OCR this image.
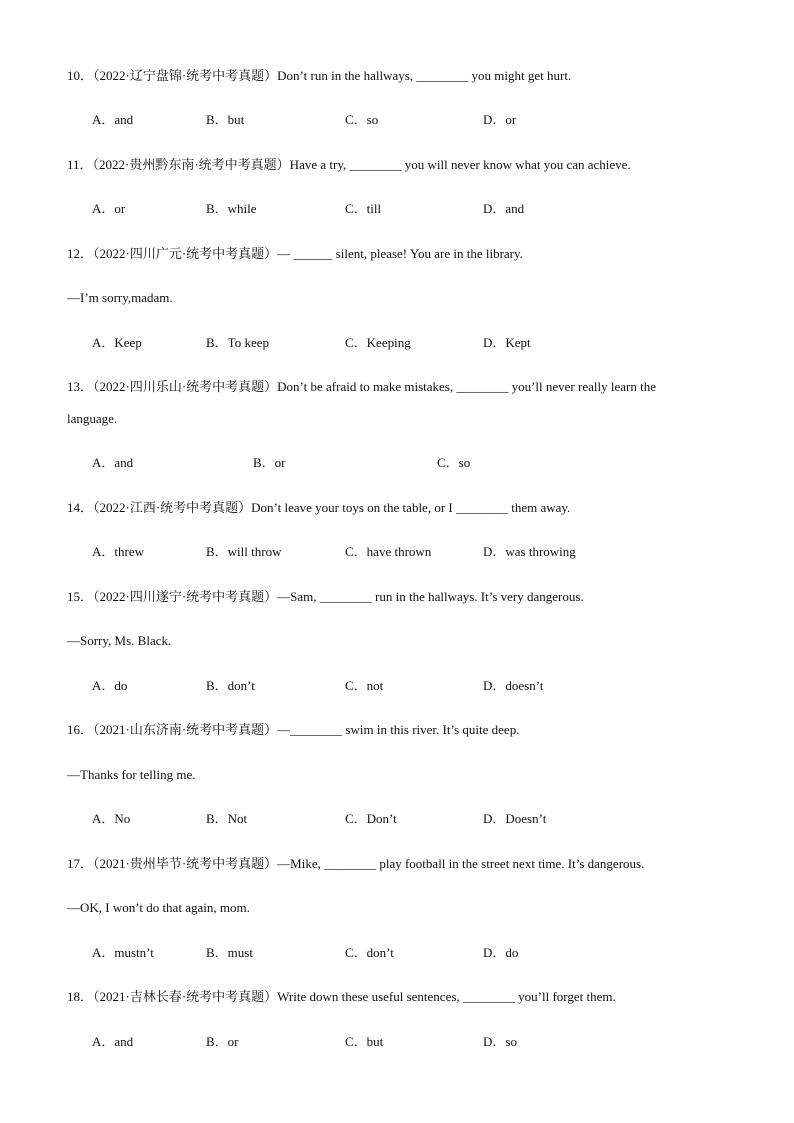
10．（2022·辽宁盘锦·统考中考真题）Don’t run in the hallways, ________ you might get hurt.
A．and	B．but	C．so	D．or
11．（2022·贵州黔东南·统考中考真题）Have a try, ________ you will never know what you can achieve.
A．or	B．while	C．till	D．and
12．（2022·四川广元·统考中考真题）— ______ silent, please! You are in the library.
—I’m sorry,madam.
A．Keep	B．To keep	C．Keeping	D．Kept
13．（2022·四川乐山·统考中考真题）Don’t be afraid to make mistakes, ________ you’ll never really learn the
language.
A．and	B．or	C．so
14．（2022·江西·统考中考真题）Don’t leave your toys on the table, or I ________ them away.
A．threw	B．will throw	C．have thrown	D．was throwing
15．（2022·四川遂宁·统考中考真题）—Sam, ________ run in the hallways. It’s very dangerous.
—Sorry, Ms. Black.
A．do	B．don’t	C．not	D．doesn’t
16．（2021·山东济南·统考中考真题）—________ swim in this river. It’s quite deep.
—Thanks for telling me.
A．No	B．Not	C．Don’t	D．Doesn’t
17．（2021·贵州毕节·统考中考真题）—Mike, ________ play football in the street next time. It’s dangerous.
—OK, I won’t do that again, mom.
A．mustn’t	B．must	C．don’t	D．do
18．（2021·吉林长春·统考中考真题）Write down these useful sentences, ________ you’ll forget them.
A．and	B．or	C．but	D．so
